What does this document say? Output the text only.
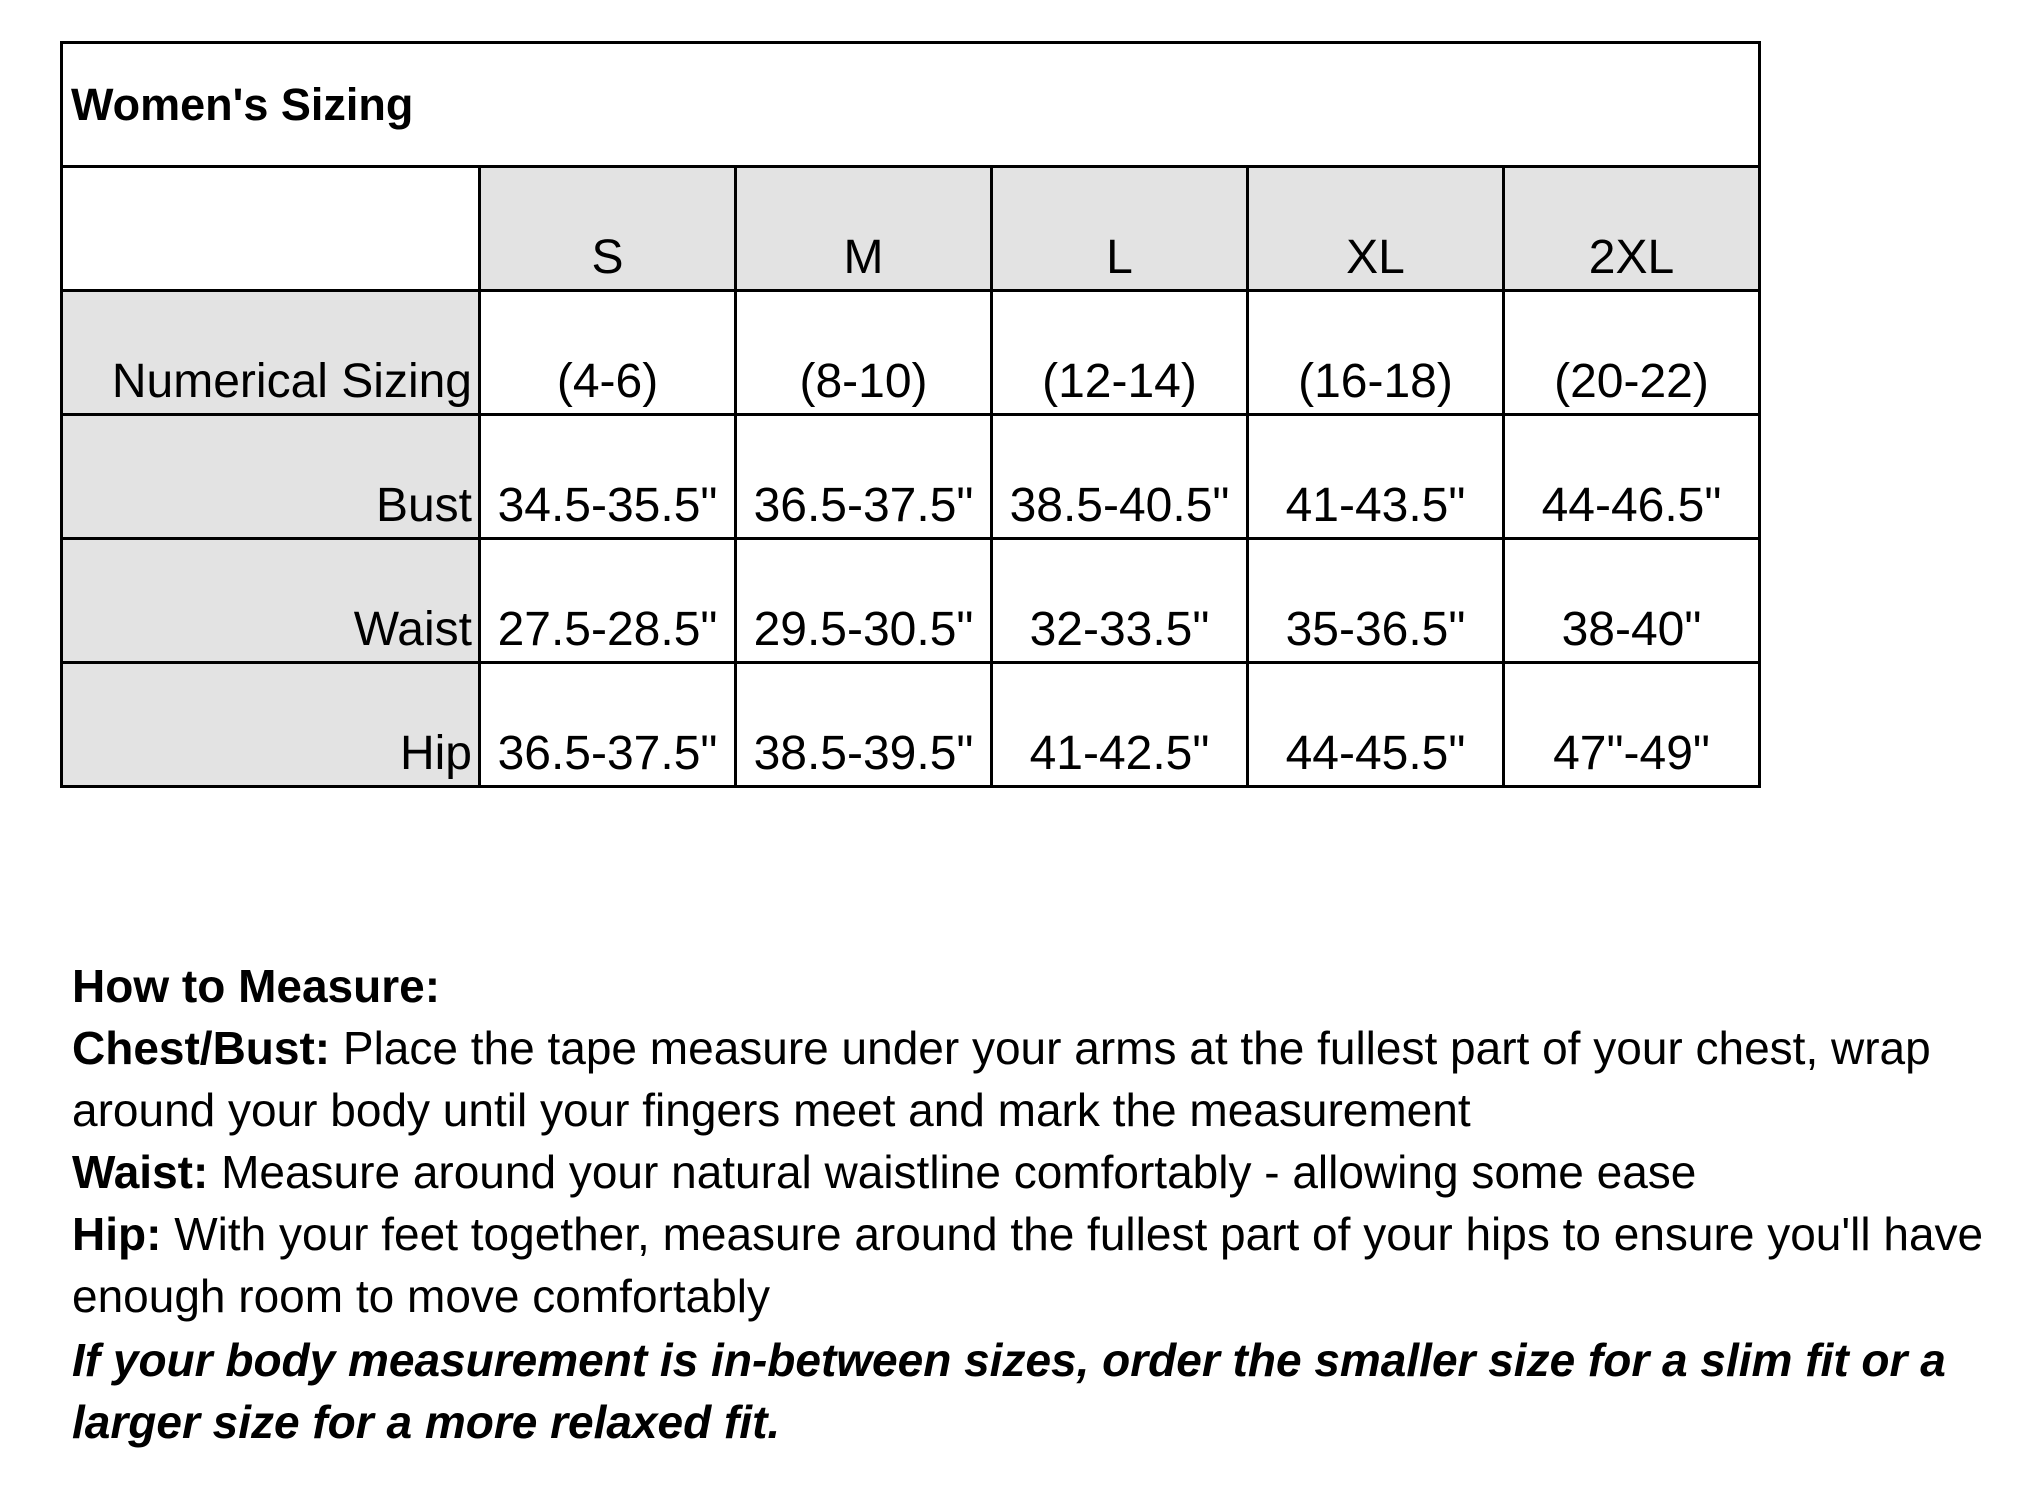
Women's Sizing					
	S	M	L	XL	2XL
Numerical Sizing	(4-6)	(8-10)	(12-14)	(16-18)	(20-22)
Bust	34.5-35.5"	36.5-37.5"	38.5-40.5"	41-43.5"	44-46.5"
Waist	27.5-28.5"	29.5-30.5"	32-33.5"	35-36.5"	38-40"
Hip	36.5-37.5"	38.5-39.5"	41-42.5"	44-45.5"	47"-49"

How to Measure:

Chest/Bust: Place the tape measure under your arms at the fullest part of your chest, wrap around your body until your fingers meet and mark the measurement

Waist: Measure around your natural waistline comfortably - allowing some ease

Hip: With your feet together, measure around the fullest part of your hips to ensure you'll have enough room to move comfortably

If your body measurement is in-between sizes, order the smaller size for a slim fit or a larger size for a more relaxed fit.
